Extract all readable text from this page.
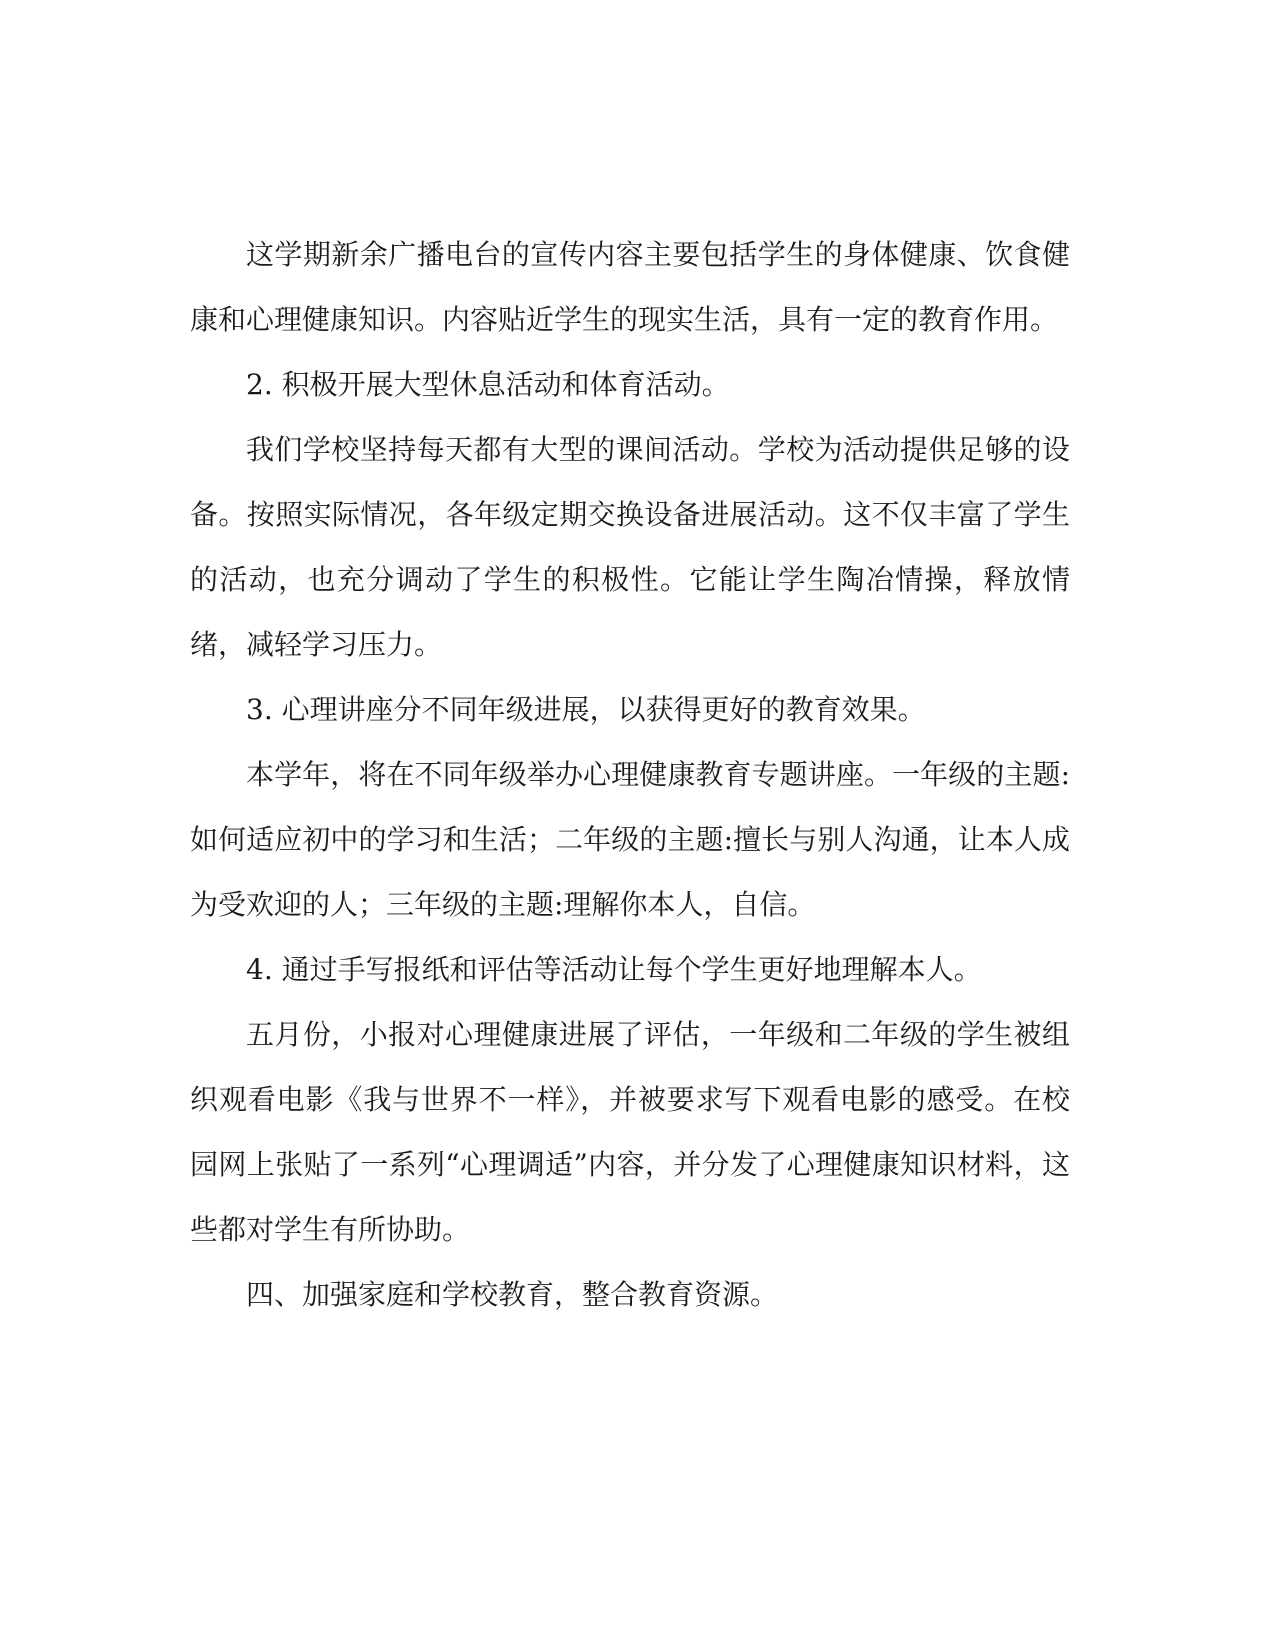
这学期新余广播电台的宣传内容主要包括学生的身体健康、饮食健康和心理健康知识。内容贴近学生的现实生活，具有一定的教育作用。

2. 积极开展大型休息活动和体育活动。

我们学校坚持每天都有大型的课间活动。学校为活动提供足够的设备。按照实际情况，各年级定期交换设备进展活动。这不仅丰富了学生的活动，也充分调动了学生的积极性。它能让学生陶冶情操，释放情绪，减轻学习压力。

3. 心理讲座分不同年级进展，以获得更好的教育效果。

本学年，将在不同年级举办心理健康教育专题讲座。一年级的主题:如何适应初中的学习和生活；二年级的主题:擅长与别人沟通，让本人成为受欢迎的人；三年级的主题:理解你本人，自信。

4. 通过手写报纸和评估等活动让每个学生更好地理解本人。

五月份，小报对心理健康进展了评估，一年级和二年级的学生被组织观看电影《我与世界不一样》，并被要求写下观看电影的感受。在校园网上张贴了一系列“心理调适”内容，并分发了心理健康知识材料，这些都对学生有所协助。

四、加强家庭和学校教育，整合教育资源。
